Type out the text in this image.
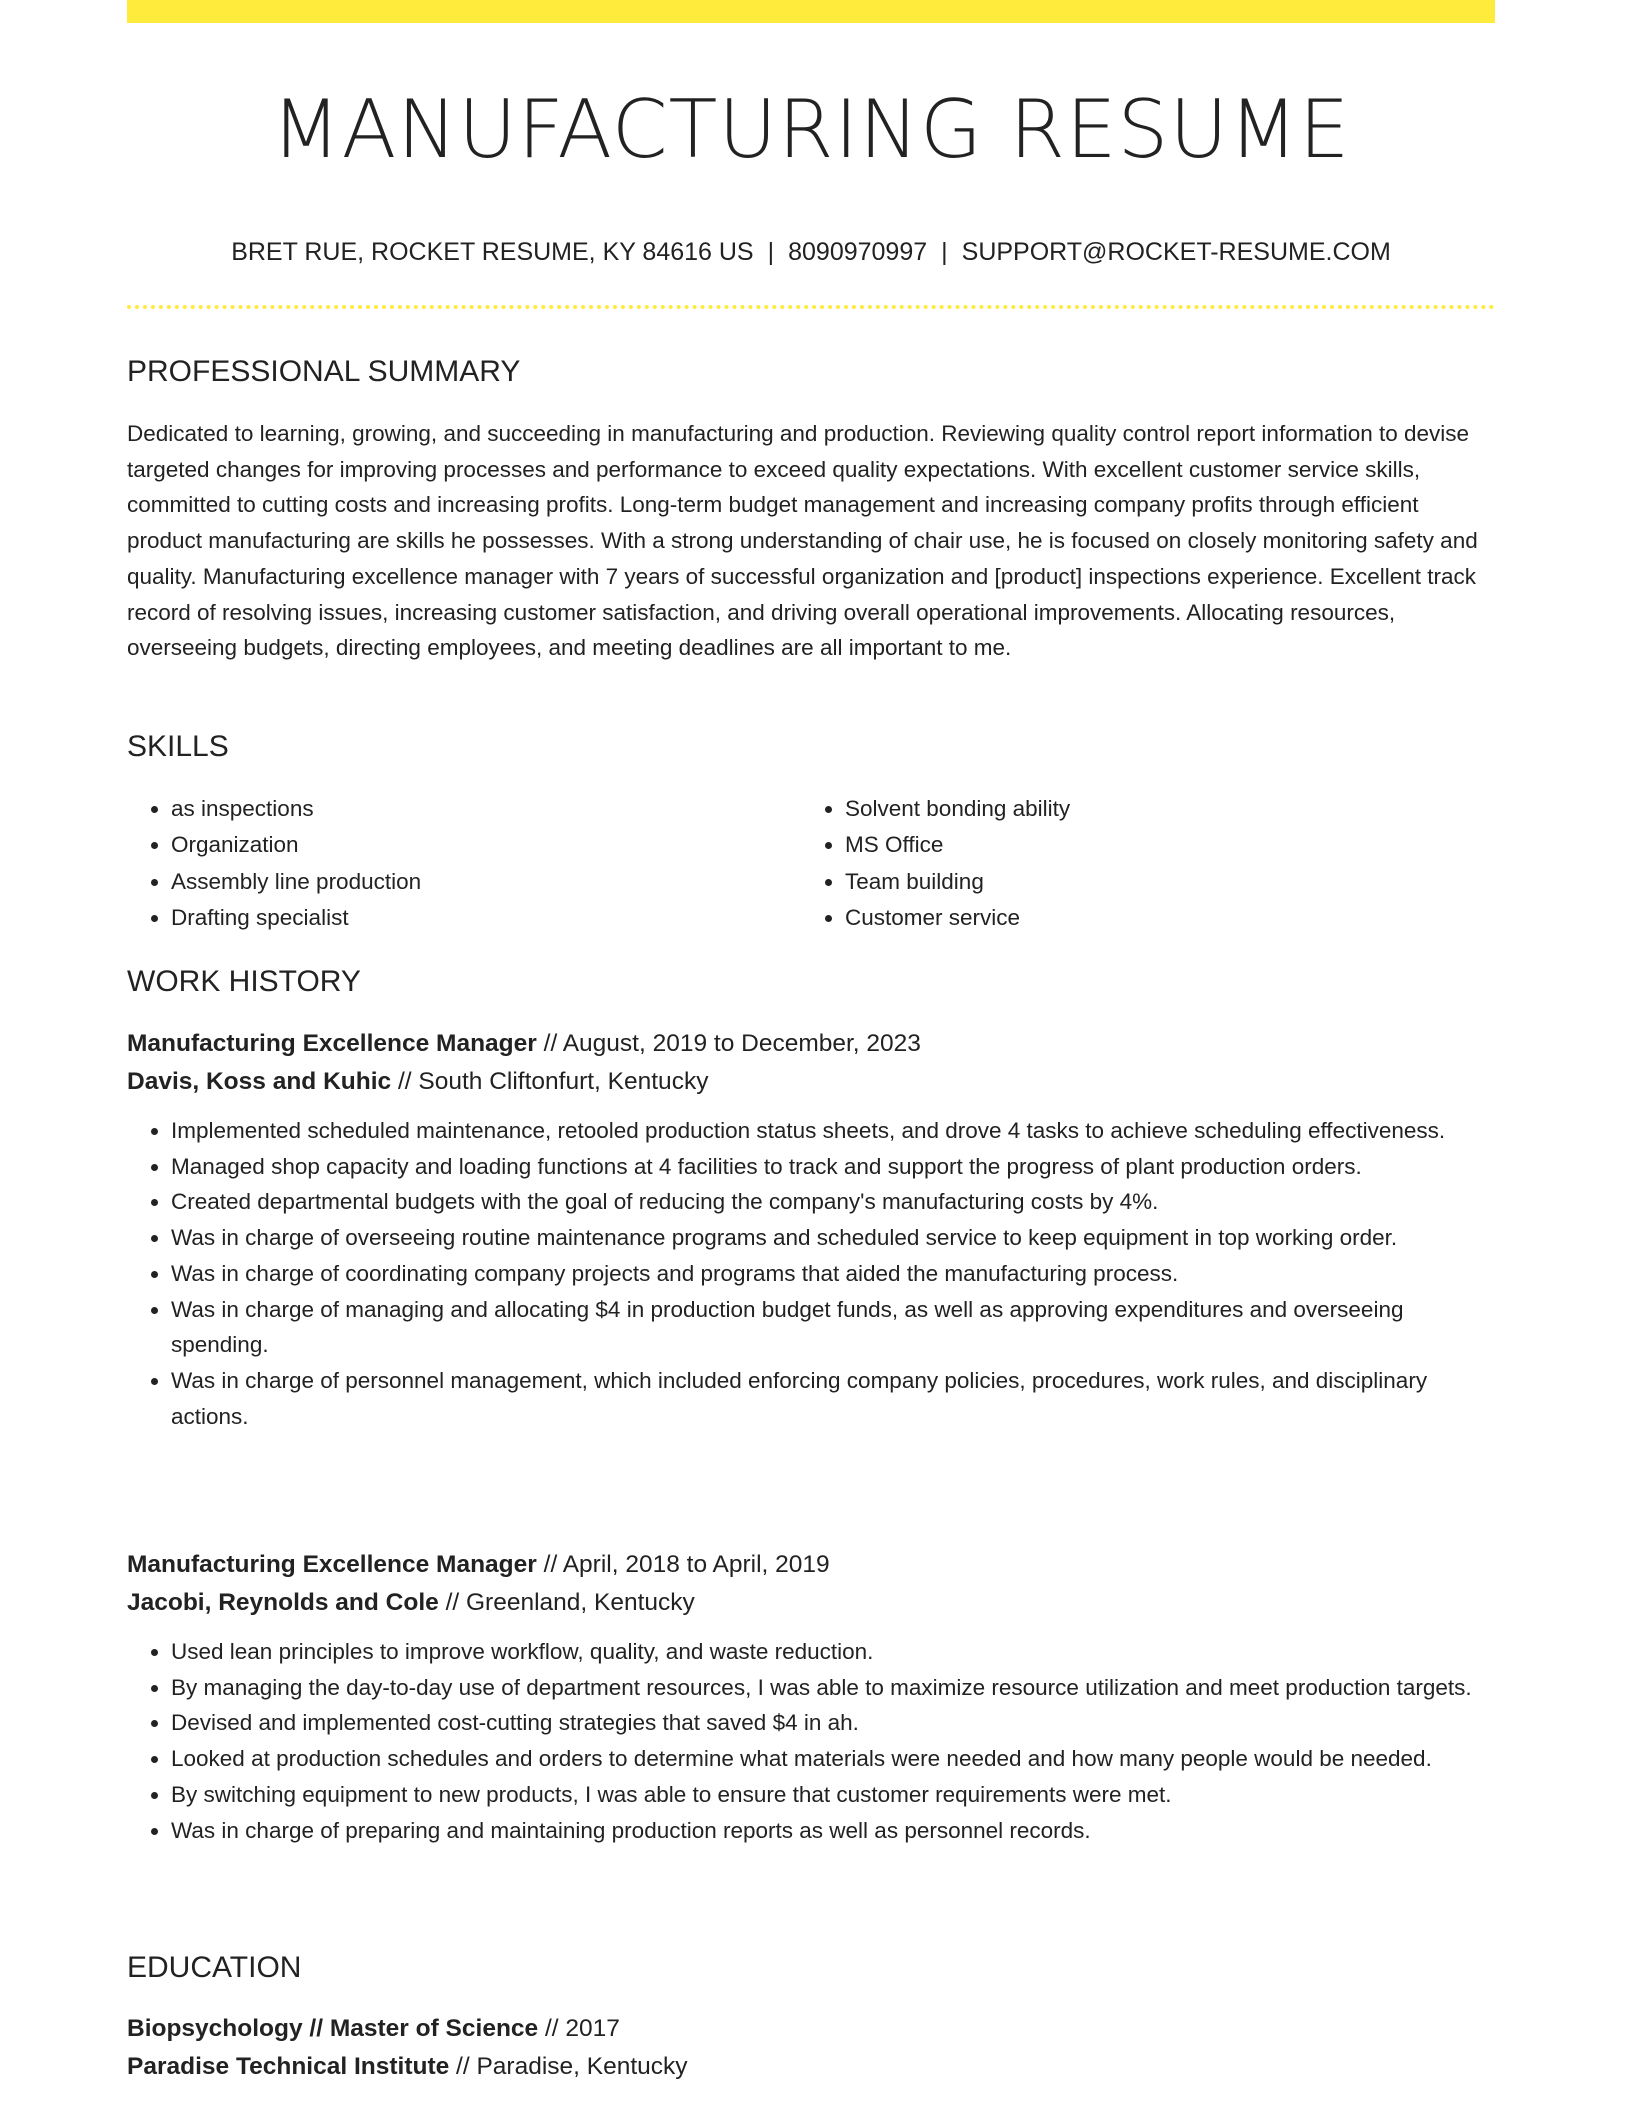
MANUFACTURING RESUME
BRET RUE, ROCKET RESUME, KY 84616 US | 8090970997 | SUPPORT@ROCKET-RESUME.COM
PROFESSIONAL SUMMARY

Dedicated to learning, growing, and succeeding in manufacturing and production. Reviewing quality control report information to devise targeted changes for improving processes and performance to exceed quality expectations. With excellent customer service skills, committed to cutting costs and increasing profits. Long-term budget management and increasing company profits through efficient product manufacturing are skills he possesses. With a strong understanding of chair use, he is focused on closely monitoring safety and quality. Manufacturing excellence manager with 7 years of successful organization and [product] inspections experience. Excellent track record of resolving issues, increasing customer satisfaction, and driving overall operational improvements. Allocating resources, overseeing budgets, directing employees, and meeting deadlines are all important to me.

SKILLS
• as inspections
• Organization
• Assembly line production
• Drafting specialist
• Solvent bonding ability
• MS Office
• Team building
• Customer service
WORK HISTORY

Manufacturing Excellence Manager // August, 2019 to December, 2023

Davis, Koss and Kuhic // South Cliftonfurt, Kentucky

• Implemented scheduled maintenance, retooled production status sheets, and drove 4 tasks to achieve scheduling effectiveness.
• Managed shop capacity and loading functions at 4 facilities to track and support the progress of plant production orders.
• Created departmental budgets with the goal of reducing the company's manufacturing costs by 4%.
• Was in charge of overseeing routine maintenance programs and scheduled service to keep equipment in top working order.
• Was in charge of coordinating company projects and programs that aided the manufacturing process.
• Was in charge of managing and allocating $4 in production budget funds, as well as approving expenditures and overseeing spending.
• Was in charge of personnel management, which included enforcing company policies, procedures, work rules, and disciplinary actions.

Manufacturing Excellence Manager // April, 2018 to April, 2019

Jacobi, Reynolds and Cole // Greenland, Kentucky

• Used lean principles to improve workflow, quality, and waste reduction.
• By managing the day-to-day use of department resources, I was able to maximize resource utilization and meet production targets.
• Devised and implemented cost-cutting strategies that saved $4 in ah.
• Looked at production schedules and orders to determine what materials were needed and how many people would be needed.
• By switching equipment to new products, I was able to ensure that customer requirements were met.
• Was in charge of preparing and maintaining production reports as well as personnel records.
EDUCATION

Biopsychology // Master of Science // 2017

Paradise Technical Institute // Paradise, Kentucky
